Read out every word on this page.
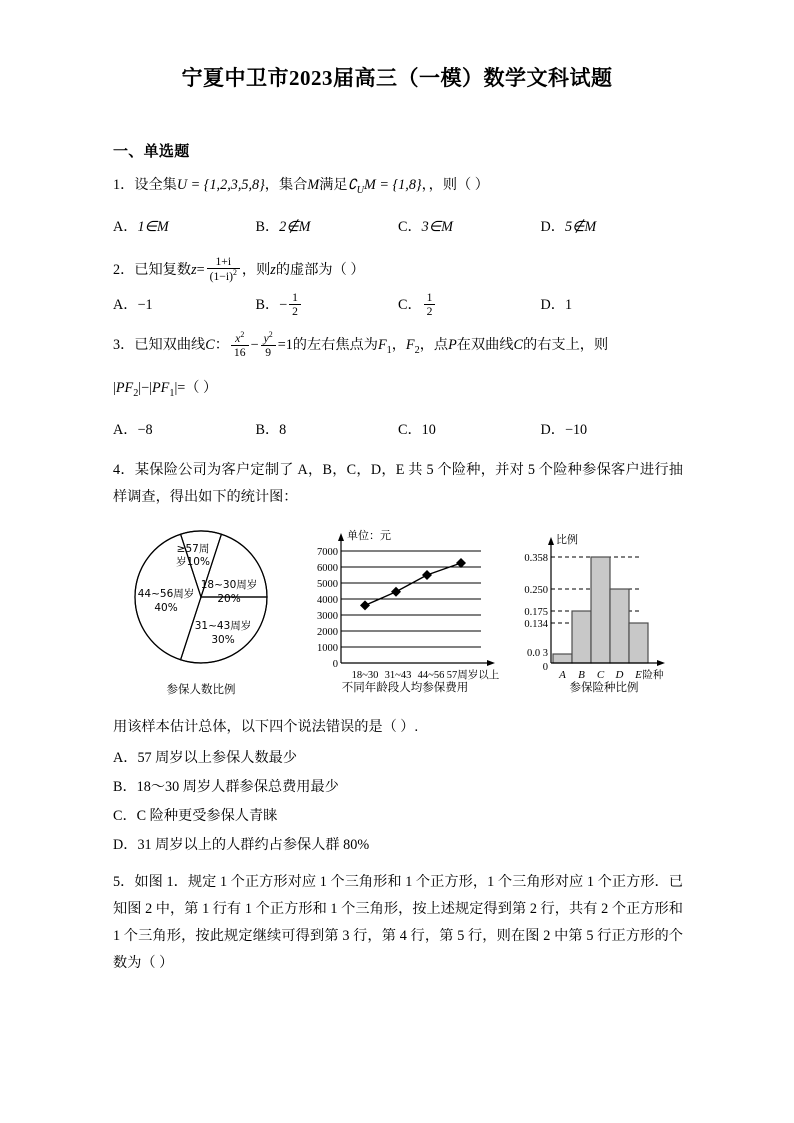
宁夏中卫市2023届高三（一模）数学文科试题
一、单选题
1．设全集U = {1,2,3,5,8}，集合M满足$∁_UM = \{1,8\}$，，则（ ）
A．1∈M	B．2∉M	C．3∈M	D．5∉M
2．已知复数$z= \frac{1+i}{(1-i)^2}$ ，则z的虚部为（ ）
A．−1	B．− $\frac{1}{2}$	C． $\frac{1}{2}$	D．1
3．已知双曲线C： $\frac{x^2}{16} - \frac{y^2}{9} =1$的左右焦点为$F_1$，$F_2$，点P在双曲线C的右支上，则
$|PF_2|-|PF_1|=$（ ）
A．−8	B．8	C．10	D．−10
4．某保险公司为客户定制了 A，B，C，D，E 共 5 个险种，并对 5 个险种参保客户进行抽样调查，得出如下的统计图：
≥57周
岁10%
18~30周岁
20%
31~43周岁
30%
44~56周岁
40%
参保人数比例
单位：元
7000
6000
5000
4000
3000
2000
1000
0
18~30 31~43 44~56 57周岁以上
不同年龄段人均参保费用
比例
险种
0.358
0.250
0.175
0.134
0.0 3
0
A B C D E
参保险种比例
用该样本估计总体，以下四个说法错误的是（ ）.
A．57 周岁以上参保人数最少
B．18～30 周岁人群参保总费用最少
C．C 险种更受参保人青睐
D．31 周岁以上的人群约占参保人群 80%
5．如图 1．规定 1 个正方形对应 1 个三角形和 1 个正方形，1 个三角形对应 1 个正方形．已知图 2 中，第 1 行有 1 个正方形和 1 个三角形，按上述规定得到第 2 行，共有 2 个正方形和 1 个三角形，按此规定继续可得到第 3 行，第 4 行，第 5 行，则在图 2 中第 5 行正方形的个数为（ ）
